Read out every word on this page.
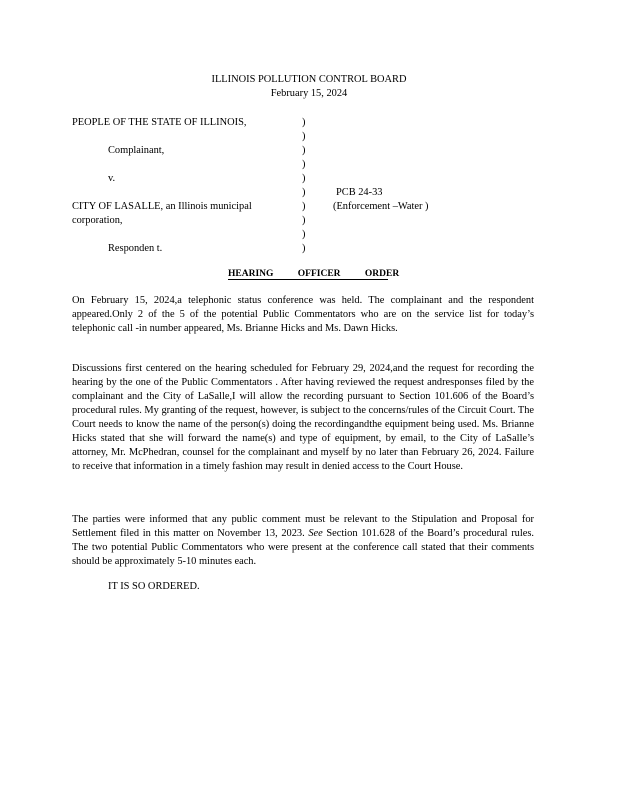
ILLINOIS POLLUTION CONTROL BOARD
February 15, 2024
PEOPLE OF THE STATE OF ILLINOIS,
Complainant,
v.
CITY OF LASALLE, an Illinois municipal
corporation,
Responden t.
)
)
)
)
)
)
)
)
)
)
PCB 24-33
(Enforcement –Water )
HEARING OFFICER ORDER
On February 15, 2024,a telephonic status conference was held. The complainant and the respondent appeared.Only 2 of the 5 of the potential Public Commentators who are on the service list for today’s telephonic call -in number appeared, Ms. Brianne Hicks and Ms. Dawn Hicks.
Discussions first centered on the hearing scheduled for February 29, 2024,and the request for recording the hearing by the one of the Public Commentators . After having reviewed the request andresponses filed by the complainant and the City of LaSalle,I will allow the recording pursuant to Section 101.606 of the Board’s procedural rules. My granting of the request, however, is subject to the concerns/rules of the Circuit Court. The Court needs to know the name of the person(s) doing the recordingandthe equipment being used. Ms. Brianne Hicks stated that she will forward the name(s) and type of equipment, by email, to the City of LaSalle’s attorney, Mr. McPhedran, counsel for the complainant and myself by no later than February 26, 2024. Failure to receive that information in a timely fashion may result in denied access to the Court House.
The parties were informed that any public comment must be relevant to the Stipulation and Proposal for Settlement filed in this matter on November 13, 2023. See Section 101.628 of the Board’s procedural rules. The two potential Public Commentators who were present at the conference call stated that their comments should be approximately 5-10 minutes each.
IT IS SO ORDERED.
